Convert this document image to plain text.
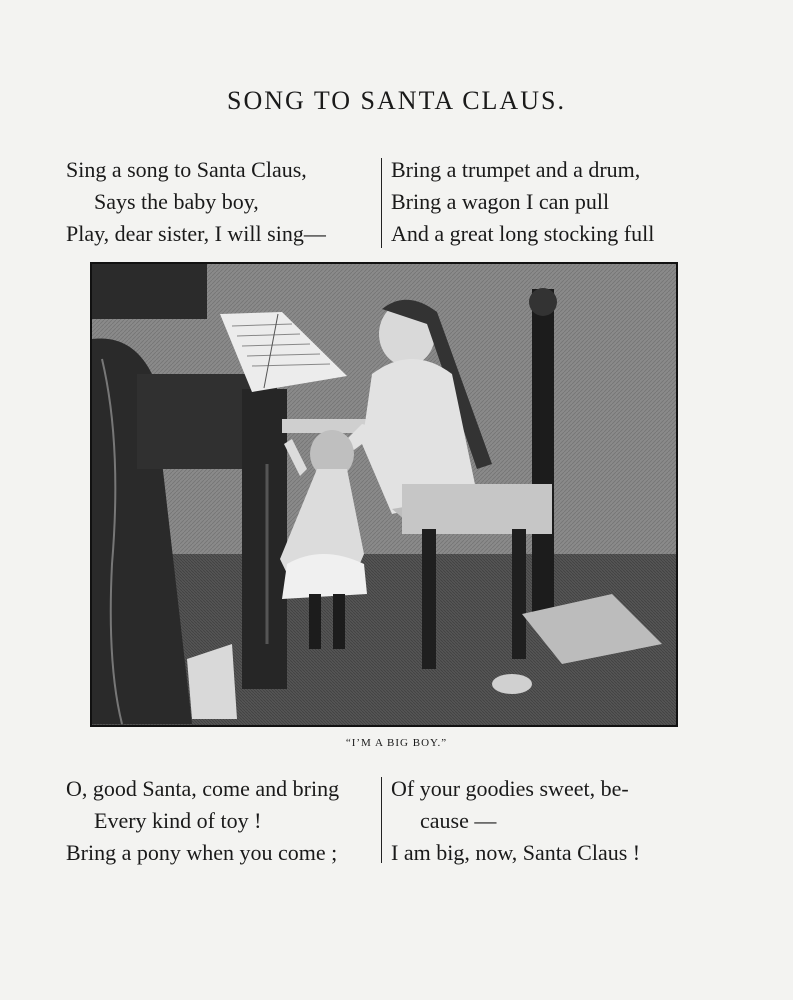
SONG TO SANTA CLAUS.
Sing a song to Santa Claus,
Says the baby boy,
Play, dear sister, I will sing—
Bring a trumpet and a drum,
Bring a wagon I can pull
And a great long stocking full
“I’M A BIG BOY.”
O, good Santa, come and bring
Every kind of toy !
Bring a pony when you come ;
Of your goodies sweet, be-
cause —
I am big, now, Santa Claus !
